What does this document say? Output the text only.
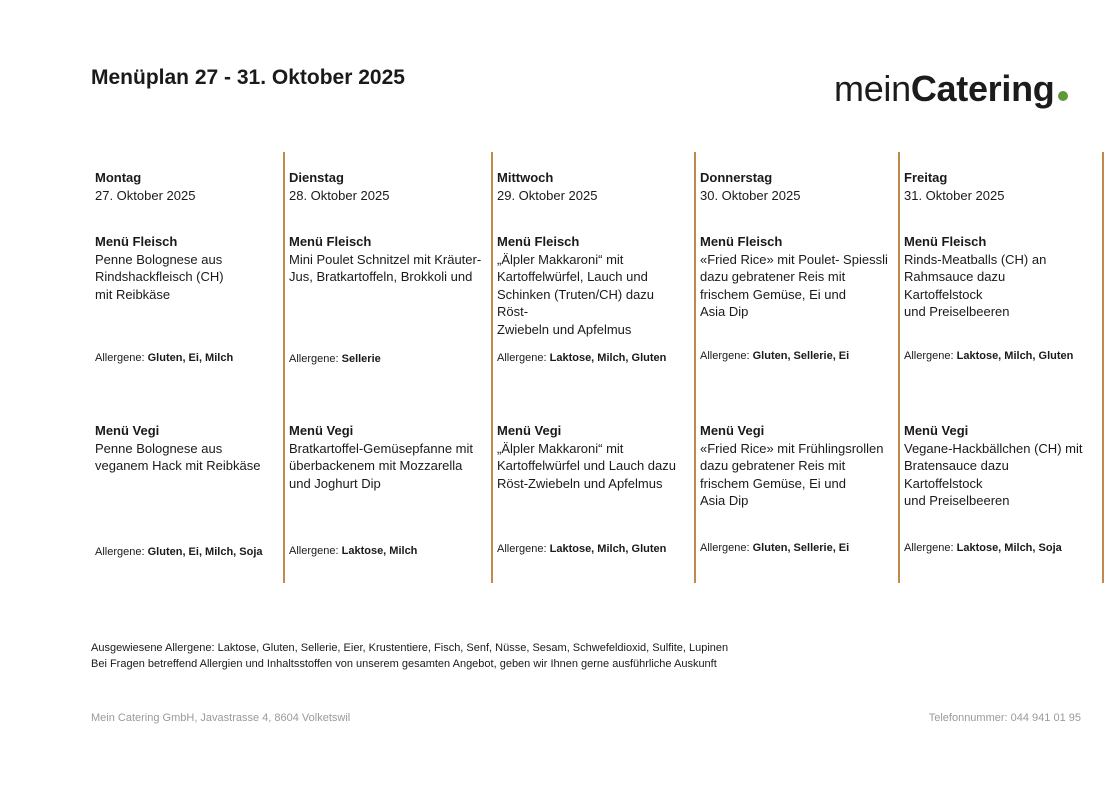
Menüplan 27 - 31. Oktober 2025	meinCatering
Montag
27. Oktober 2025
Menü Fleisch
Penne Bolognese aus
Rindshackfleisch (CH)
mit Reibkäse
Allergene: Gluten, Ei, Milch
Menü Vegi
Penne Bolognese aus
veganem Hack mit Reibkäse
Allergene: Gluten, Ei, Milch, Soja
Dienstag
28. Oktober 2025
Menü Fleisch
Mini Poulet Schnitzel mit Kräuter-
Jus, Bratkartoffeln, Brokkoli und
Allergene: Sellerie
Menü Vegi
Bratkartoffel-Gemüsepfanne mit
überbackenem mit Mozzarella
und Joghurt Dip
Allergene: Laktose, Milch
Mittwoch
29. Oktober 2025
Menü Fleisch
„Älpler Makkaroni“ mit
Kartoffelwürfel, Lauch und
Schinken (Truten/CH) dazu Röst-
Zwiebeln und Apfelmus
Allergene: Laktose, Milch, Gluten
Menü Vegi
„Älpler Makkaroni“ mit
Kartoffelwürfel und Lauch dazu
Röst-Zwiebeln und Apfelmus
Allergene: Laktose, Milch, Gluten
Donnerstag
30. Oktober 2025
Menü Fleisch
«Fried Rice» mit Poulet- Spiessli
dazu gebratener Reis mit
frischem Gemüse, Ei und
Asia Dip
Allergene: Gluten, Sellerie, Ei
Menü Vegi
«Fried Rice» mit Frühlingsrollen
dazu gebratener Reis mit
frischem Gemüse, Ei und
Asia Dip
Allergene: Gluten, Sellerie, Ei
Freitag
31. Oktober 2025
Menü Fleisch
Rinds-Meatballs (CH) an
Rahmsauce dazu
Kartoffelstock
und Preiselbeeren
Allergene: Laktose, Milch, Gluten
Menü Vegi
Vegane-Hackbällchen (CH) mit
Bratensauce dazu
Kartoffelstock
und Preiselbeeren
Allergene: Laktose, Milch, Soja
Ausgewiesene Allergene: Laktose, Gluten, Sellerie, Eier, Krustentiere, Fisch, Senf, Nüsse, Sesam, Schwefeldioxid, Sulfite, Lupinen
Bei Fragen betreffend Allergien und Inhaltsstoffen von unserem gesamten Angebot, geben wir Ihnen gerne ausführliche Auskunft
Mein Catering GmbH, Javastrasse 4, 8604 Volketswil	Telefonnummer: 044 941 01 95
